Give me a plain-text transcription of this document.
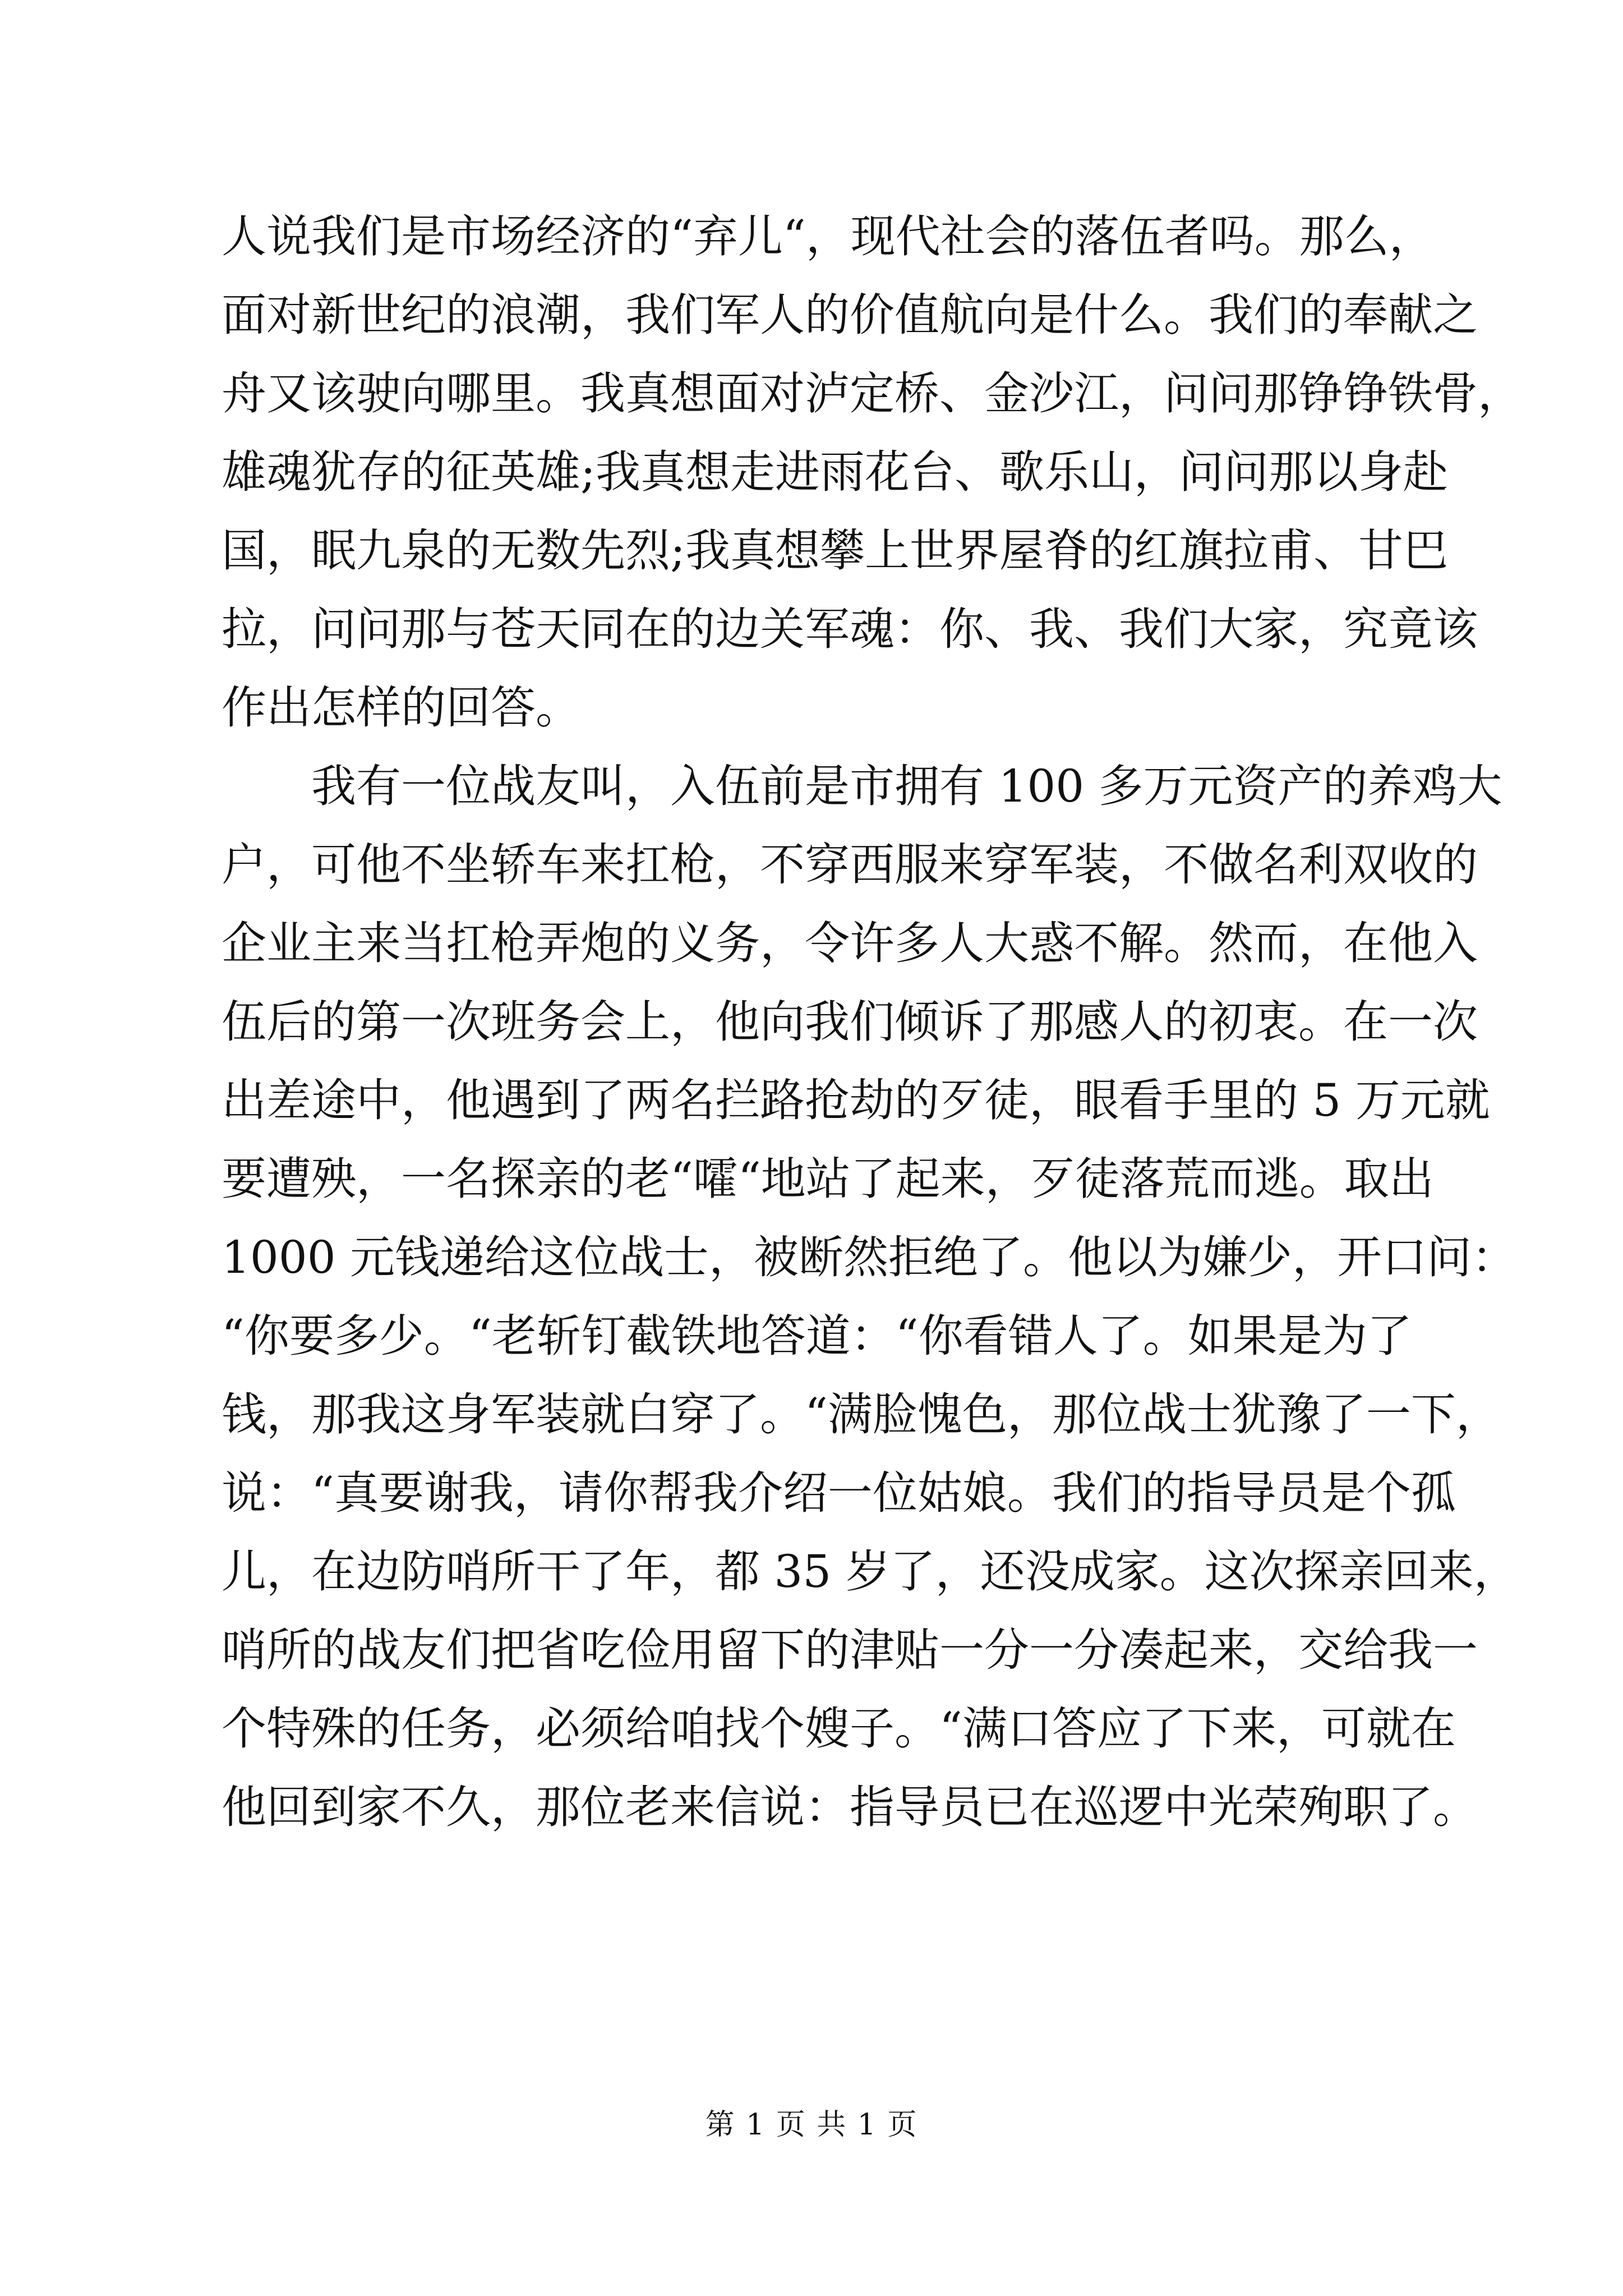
人说我们是市场经济的“弃儿“，现代社会的落伍者吗。那么，
面对新世纪的浪潮，我们军人的价值航向是什么。我们的奉献之
舟又该驶向哪里。我真想面对泸定桥、金沙江，问问那铮铮铁骨，
雄魂犹存的征英雄;我真想走进雨花台、歌乐山，问问那以身赴
国，眠九泉的无数先烈;我真想攀上世界屋脊的红旗拉甫、甘巴
拉，问问那与苍天同在的边关军魂：你、我、我们大家，究竟该
作出怎样的回答。
我有一位战友叫，入伍前是市拥有 100 多万元资产的养鸡大
户，可他不坐轿车来扛枪，不穿西服来穿军装，不做名利双收的
企业主来当扛枪弄炮的义务，令许多人大惑不解。然而，在他入
伍后的第一次班务会上，他向我们倾诉了那感人的初衷。在一次
出差途中，他遇到了两名拦路抢劫的歹徒，眼看手里的 5 万元就
要遭殃，一名探亲的老“嚯“地站了起来，歹徒落荒而逃。取出
1000 元钱递给这位战士，被断然拒绝了。他以为嫌少，开口问：
“你要多少。“老斩钉截铁地答道：“你看错人了。如果是为了
钱，那我这身军装就白穿了。“满脸愧色，那位战士犹豫了一下，
说：“真要谢我，请你帮我介绍一位姑娘。我们的指导员是个孤
儿，在边防哨所干了年，都 35 岁了，还没成家。这次探亲回来，
哨所的战友们把省吃俭用留下的津贴一分一分凑起来，交给我一
个特殊的任务，必须给咱找个嫂子。“满口答应了下来，可就在
他回到家不久，那位老来信说：指导员已在巡逻中光荣殉职了。
第 1 页 共 1 页
